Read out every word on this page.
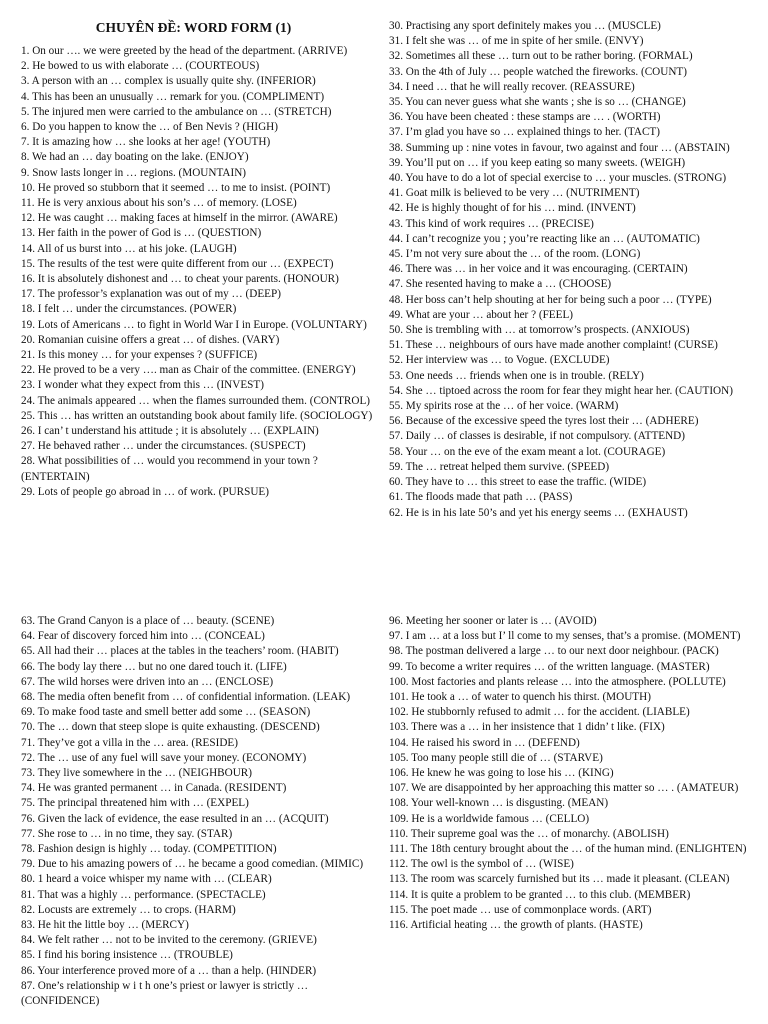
CHUYÊN ĐỀ: WORD FORM (1)

1. On our …. we were greeted by the head of the department. (ARRIVE)

2. He bowed to us with elaborate … (COURTEOUS)

3. A person with an … complex is usually quite shy. (INFERIOR)

4. This has been an unusually … remark for you. (COMPLIMENT)

5. The injured men were carried to the ambulance on … (STRETCH)

6. Do you happen to know the … of Ben Nevis ? (HIGH)

7. It is amazing how … she looks at her age! (YOUTH)

8. We had an … day boating on the lake. (ENJOY)

9. Snow lasts longer in … regions. (MOUNTAIN)

10. He proved so stubborn that it seemed … to me to insist. (POINT)

11. He is very anxious about his son’s … of memory. (LOSE)

12. He was caught … making faces at himself in the mirror. (AWARE)

13. Her faith in the power of God is … (QUESTION)

14. All of us burst into … at his joke. (LAUGH)

15. The results of the test were quite different from our … (EXPECT)

16. It is absolutely dishonest and … to cheat your parents. (HONOUR)

17. The professor’s explanation was out of my … (DEEP)

18. I felt … under the circumstances. (POWER)

19. Lots of Americans … to fight in World War I in Europe. (VOLUNTARY)

20. Romanian cuisine offers a great … of dishes. (VARY)

21. Is this money … for your expenses ? (SUFFICE)

22. He proved to be a very …. man as Chair of the committee. (ENERGY)

23. I wonder what they expect from this … (INVEST)

24. The animals appeared … when the flames surrounded them. (CONTROL)

25. This … has written an outstanding book about family life. (SOCIOLOGY)

26. I can’ t understand his attitude ; it is absolutely … (EXPLAIN)

27. He behaved rather … under the circumstances. (SUSPECT)

28. What possibilities of … would you recommend in your town ? (ENTERTAIN)

29. Lots of people go abroad in … of work. (PURSUE)

30. Practising any sport definitely makes you … (MUSCLE)

31. I felt she was … of me in spite of her smile. (ENVY)

32. Sometimes all these … turn out to be rather boring. (FORMAL)

33. On the 4th of July … people watched the fireworks. (COUNT)

34. I need … that he will really recover. (REASSURE)

35. You can never guess what she wants ; she is so … (CHANGE)

36. You have been cheated : these stamps are … . (WORTH)

37. I’m glad you have so … explained things to her. (TACT)

38. Summing up : nine votes in favour, two against and four … (ABSTAIN)

39. You’ll put on … if you keep eating so many sweets. (WEIGH)

40. You have to do a lot of special exercise to … your muscles. (STRONG)

41. Goat milk is believed to be very … (NUTRIMENT)

42. He is highly thought of for his … mind. (INVENT)

43. This kind of work requires … (PRECISE)

44. I can’t recognize you ; you’re reacting like an … (AUTOMATIC)

45. I’m not very sure about the … of the room. (LONG)

46. There was … in her voice and it was encouraging. (CERTAIN)

47. She resented having to make a … (CHOOSE)

48. Her boss can’t help shouting at her for being such a poor … (TYPE)

49. What are your … about her ? (FEEL)

50. She is trembling with … at tomorrow’s prospects. (ANXIOUS)

51. These … neighbours of ours have made another complaint! (CURSE)

52. Her interview was … to Vogue. (EXCLUDE)

53. One needs … friends when one is in trouble. (RELY)

54. She … tiptoed across the room for fear they might hear her. (CAUTION)

55. My spirits rose at the … of her voice. (WARM)

56. Because of the excessive speed the tyres lost their … (ADHERE)

57. Daily … of classes is desirable, if not compulsory. (ATTEND)

58. Your … on the eve of the exam meant a lot. (COURAGE)

59. The … retreat helped them survive. (SPEED)

60. They have to … this street to ease the traffic. (WIDE)

61. The floods made that path … (PASS)

62. He is in his late 50’s and yet his energy seems … (EXHAUST)

63. The Grand Canyon is a place of … beauty. (SCENE)

64. Fear of discovery forced him into … (CONCEAL)

65. All had their … places at the tables in the teachers’ room. (HABIT)

66. The body lay there … but no one dared touch it. (LIFE)

67. The wild horses were driven into an … (ENCLOSE)

68. The media often benefit from … of confidential information. (LEAK)

69. To make food taste and smell better add some … (SEASON)

70. The … down that steep slope is quite exhausting. (DESCEND)

71. They’ve got a villa in the … area. (RESIDE)

72. The … use of any fuel will save your money. (ECONOMY)

73. They live somewhere in the … (NEIGHBOUR)

74. He was granted permanent … in Canada. (RESIDENT)

75. The principal threatened him with … (EXPEL)

76. Given the lack of evidence, the ease resulted in an … (ACQUIT)

77. She rose to … in no time, they say. (STAR)

78. Fashion design is highly … today. (COMPETITION)

79. Due to his amazing powers of … he became a good comedian. (MIMIC)

80. 1 heard a voice whisper my name with … (CLEAR)

81. That was a highly … performance. (SPECTACLE)

82. Locusts are extremely … to crops. (HARM)

83. He hit the little boy … (MERCY)

84. We felt rather … not to be invited to the ceremony. (GRIEVE)

85. I find his boring insistence … (TROUBLE)

86. Your interference proved more of a … than a help. (HINDER)

87. One’s relationship w i t h one’s priest or lawyer is strictly … (CONFIDENCE)

96. Meeting her sooner or later is … (AVOID)

97. I am … at a loss but I’ ll come to my senses, that’s a promise. (MOMENT)

98. The postman delivered a large … to our next door neighbour. (PACK)

99. To become a writer requires … of the written language. (MASTER)

100. Most factories and plants release … into the atmosphere. (POLLUTE)

101. He took a … of water to quench his thirst. (MOUTH)

102. He stubbornly refused to admit … for the accident. (LIABLE)

103. There was a … in her insistence that 1 didn’ t like. (FIX)

104. He raised his sword in … (DEFEND)

105. Too many people still die of … (STARVE)

106. He knew he was going to lose his … (KING)

107. We are disappointed by her approaching this matter so … . (AMATEUR)

108. Your well-known … is disgusting. (MEAN)

109. He is a worldwide famous … (CELLO)

110. Their supreme goal was the … of monarchy. (ABOLISH)

111. The 18th century brought about the … of the human mind. (ENLIGHTEN)

112. The owl is the symbol of … (WISE)

113. The room was scarcely furnished but its … made it pleasant. (CLEAN)

114. It is quite a problem to be granted … to this club. (MEMBER)

115. The poet made … use of commonplace words. (ART)

116. Artificial heating … the growth of plants. (HASTE)
